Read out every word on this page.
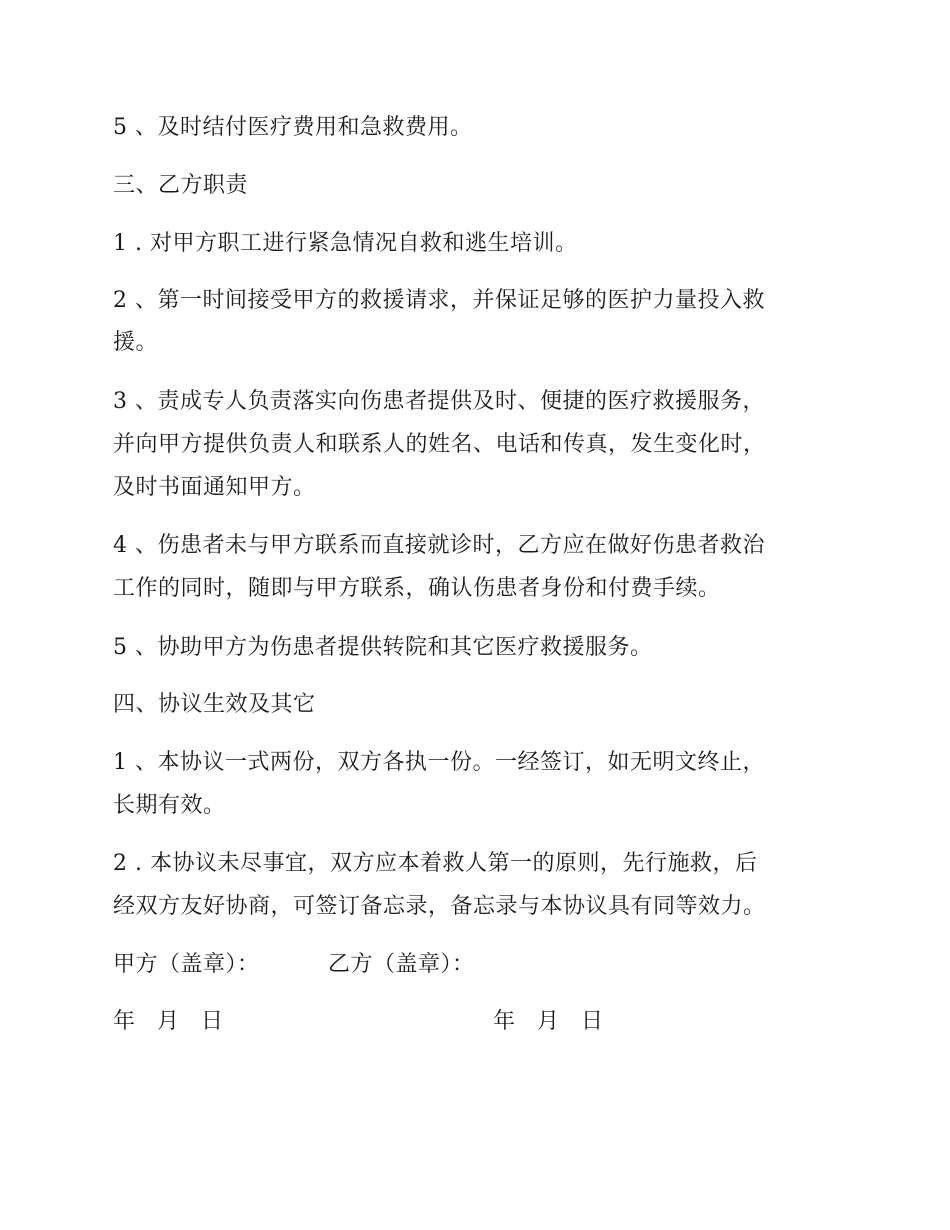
5 、及时结付医疗费用和急救费用。
三、乙方职责
1 . 对甲方职工进行紧急情况自救和逃生培训。
2 、第一时间接受甲方的救援请求，并保证足够的医护力量投入救
援。
3 、责成专人负责落实向伤患者提供及时、便捷的医疗救援服务，
并向甲方提供负责人和联系人的姓名、电话和传真，发生变化时，
及时书面通知甲方。
4 、伤患者未与甲方联系而直接就诊时，乙方应在做好伤患者救治
工作的同时，随即与甲方联系，确认伤患者身份和付费手续。
5 、协助甲方为伤患者提供转院和其它医疗救援服务。
四、协议生效及其它
1 、本协议一式两份，双方各执一份。一经签订，如无明文终止，
长期有效。
2 . 本协议未尽事宜，双方应本着救人第一的原则，先行施救，后
经双方友好协商，可签订备忘录，备忘录与本协议具有同等效力。
甲方（盖章）：	乙方（盖章）：
年 月 日	年 月 日
